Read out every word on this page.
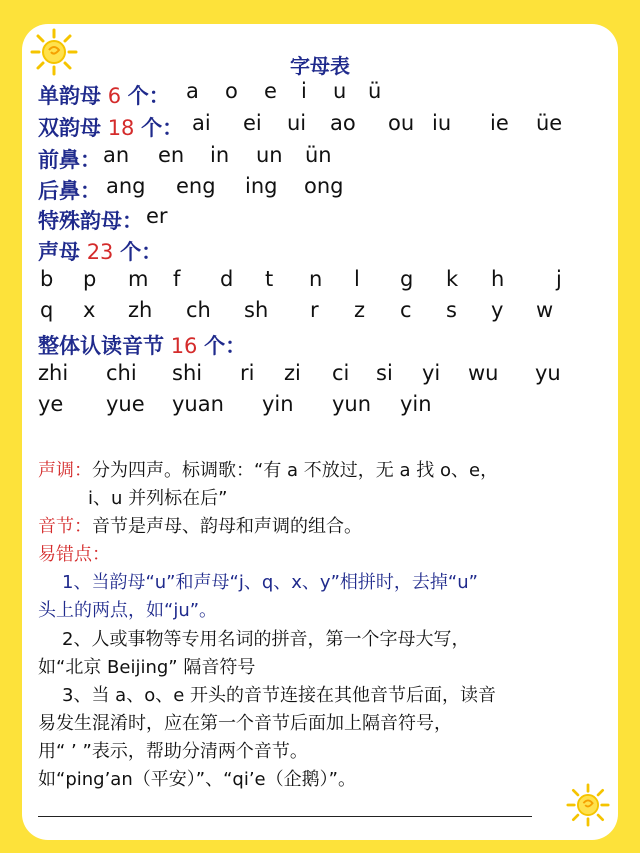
字母表
单韵母 6 个：
双韵母 18 个：
前鼻：
后鼻：
特殊韵母：
声母 23 个：
整体认读音节 16 个：
声调：分为四声。标调歌：“有 a 不放过，无 a 找 o、e，
i、u 并列标在后”
音节：音节是声母、韵母和声调的组合。
易错点：
1、当韵母“u”和声母“j、q、x、y”相拼时，去掉“u”
头上的两点，如“ju”。
2、人或事物等专用名词的拼音，第一个字母大写，
如“北京 Beijing” 隔音符号
3、当 a、o、e 开头的音节连接在其他音节后面，读音
易发生混淆时，应在第一个音节后面加上隔音符号，
用“ ’ ”表示，帮助分清两个音节。
如“ping’an（平安）”、“qi’e（企鹅）”。
a o e i u ü
ai ei ui ao ou iu ie üe
an en in un ün
ang eng ing ong
er
b p m f d t n l g k h j
q x zh ch sh r z c s y w
zhi chi shi ri zi ci si yi wu yu
ye yue yuan yin yun yin
